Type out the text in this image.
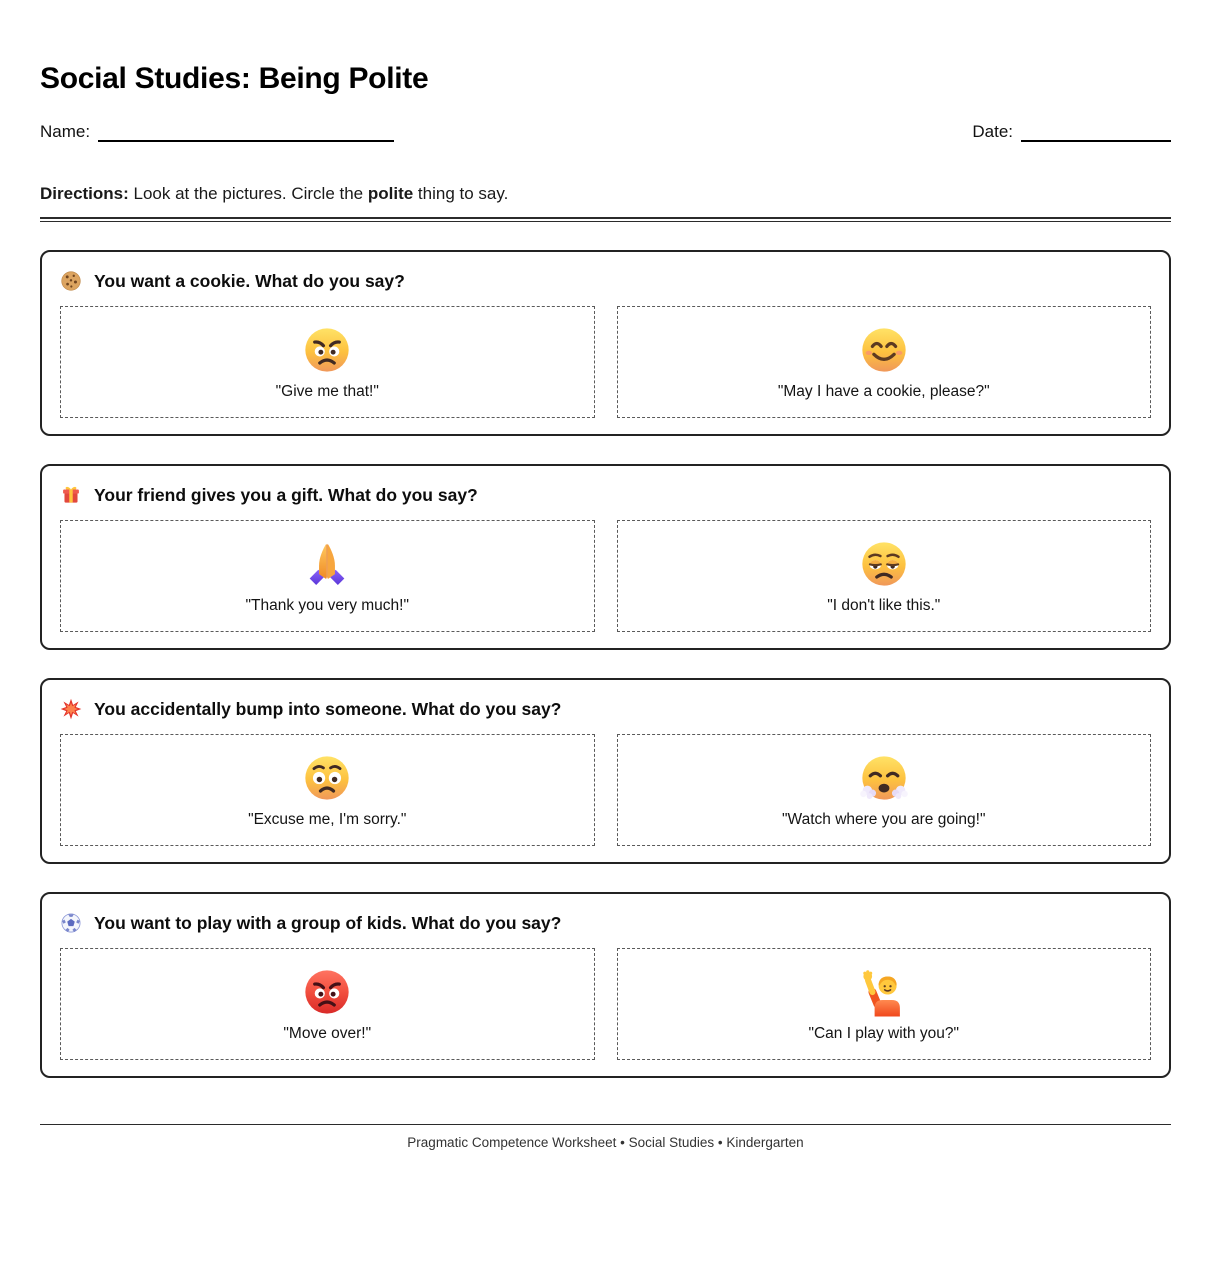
Social Studies: Being Polite
Name:	Date:

Directions: Look at the pictures. Circle the polite thing to say.

You want a cookie. What do you say?
"Give me that!"	"May I have a cookie, please?"
Your friend gives you a gift. What do you say?
"Thank you very much!"	"I don't like this."
You accidentally bump into someone. What do you say?
"Excuse me, I'm sorry."	"Watch where you are going!"
You want to play with a group of kids. What do you say?
"Move over!"	"Can I play with you?"
Pragmatic Competence Worksheet • Social Studies • Kindergarten
